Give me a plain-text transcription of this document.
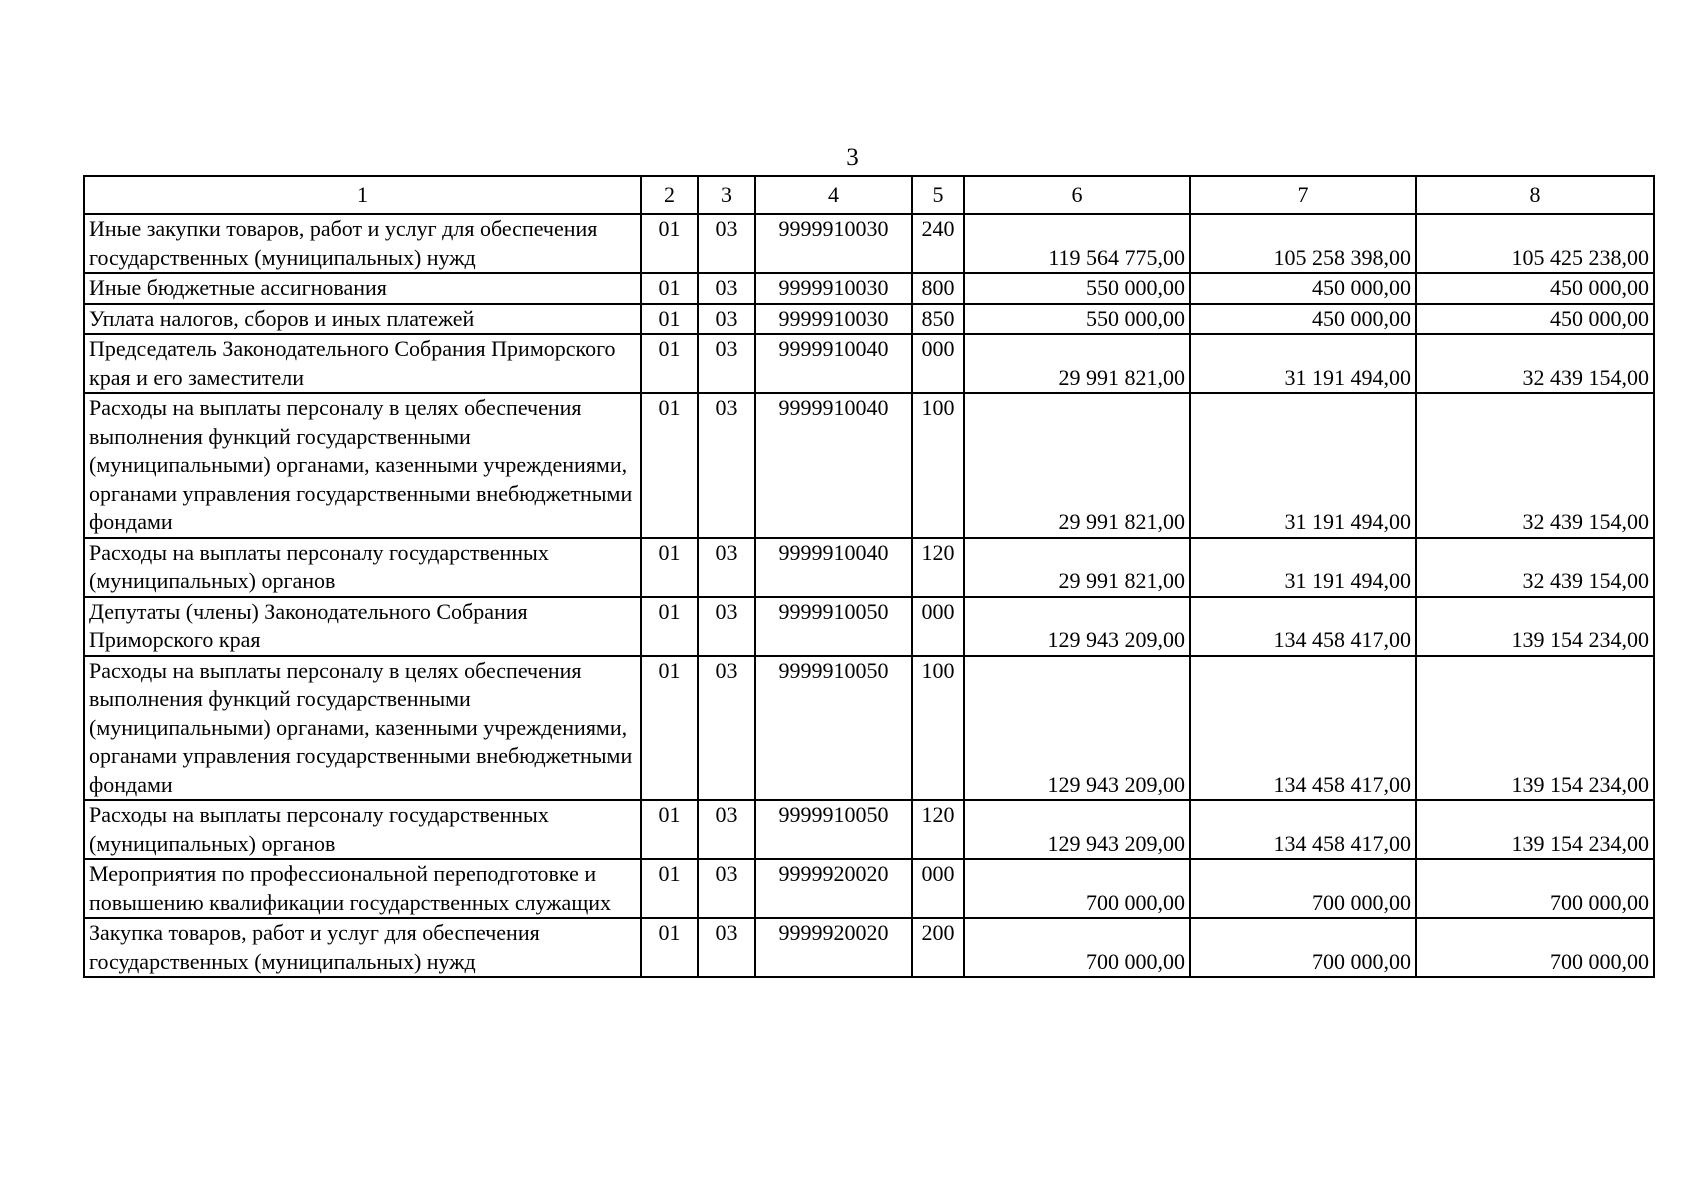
3
1	2	3	4	5	6	7	8
Иные закупки товаров, работ и услуг для обеспечения государственных (муниципальных) нужд	01	03	9999910030	240	119 564 775,00	105 258 398,00	105 425 238,00
Иные бюджетные ассигнования	01	03	9999910030	800	550 000,00	450 000,00	450 000,00
Уплата налогов, сборов и иных платежей	01	03	9999910030	850	550 000,00	450 000,00	450 000,00
Председатель Законодательного Собрания Приморского края и его заместители	01	03	9999910040	000	29 991 821,00	31 191 494,00	32 439 154,00
Расходы на выплаты персоналу в целях обеспечения выполнения функций государственными (муниципальными) органами, казенными учреждениями, органами управления государственными внебюджетными фондами	01	03	9999910040	100	29 991 821,00	31 191 494,00	32 439 154,00
Расходы на выплаты персоналу государственных (муниципальных) органов	01	03	9999910040	120	29 991 821,00	31 191 494,00	32 439 154,00
Депутаты (члены) Законодательного Собрания Приморского края	01	03	9999910050	000	129 943 209,00	134 458 417,00	139 154 234,00
Расходы на выплаты персоналу в целях обеспечения выполнения функций государственными (муниципальными) органами, казенными учреждениями, органами управления государственными внебюджетными фондами	01	03	9999910050	100	129 943 209,00	134 458 417,00	139 154 234,00
Расходы на выплаты персоналу государственных (муниципальных) органов	01	03	9999910050	120	129 943 209,00	134 458 417,00	139 154 234,00
Мероприятия по профессиональной переподготовке и повышению квалификации государственных служащих	01	03	9999920020	000	700 000,00	700 000,00	700 000,00
Закупка товаров, работ и услуг для обеспечения государственных (муниципальных) нужд	01	03	9999920020	200	700 000,00	700 000,00	700 000,00
